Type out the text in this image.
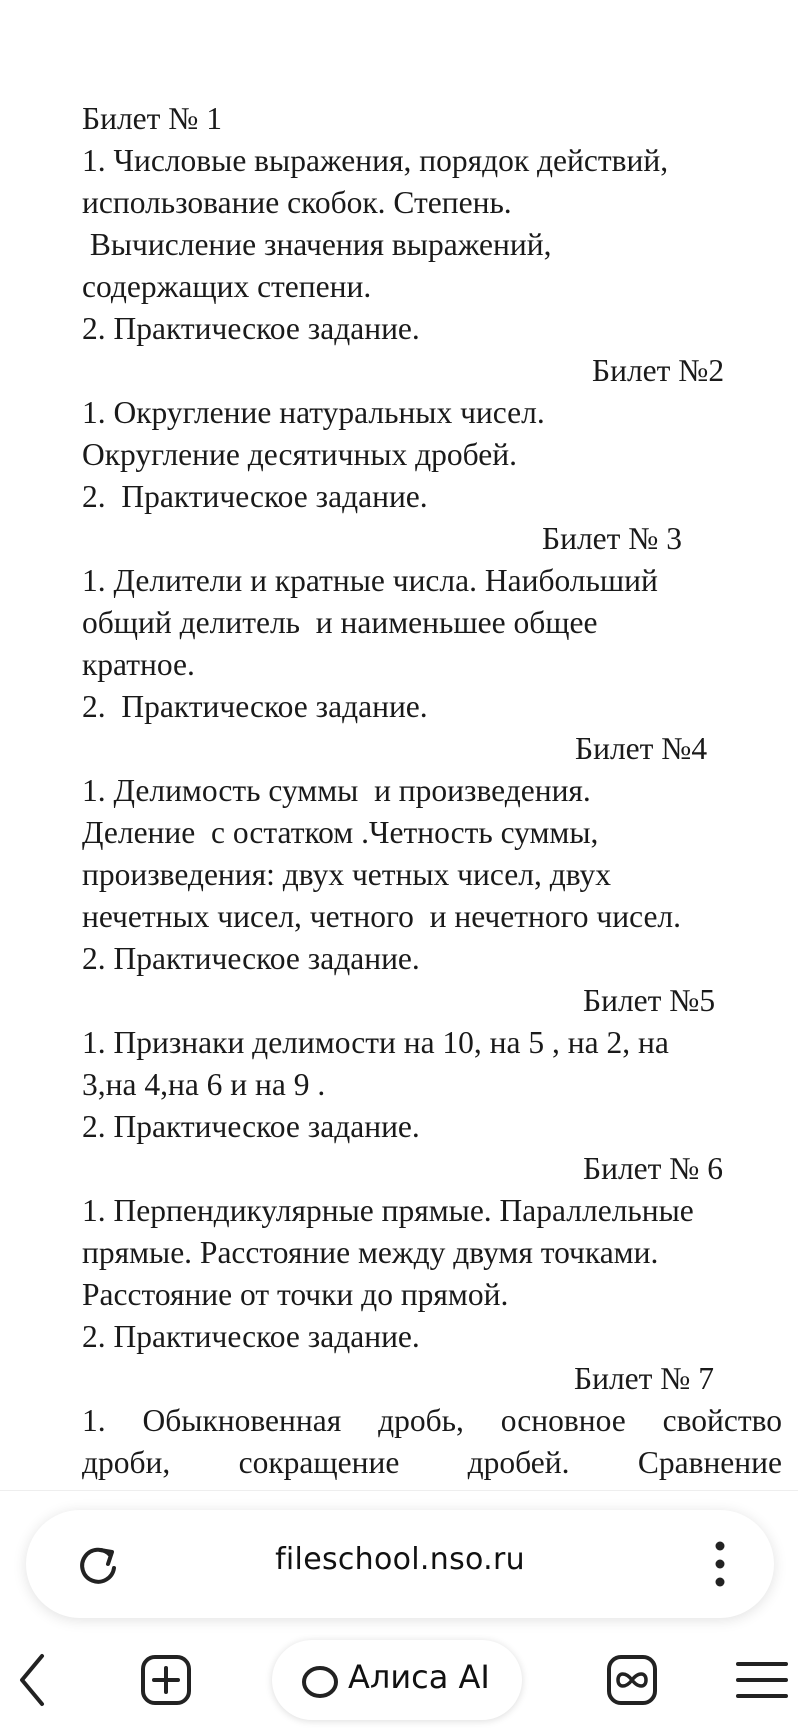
Билет № 1

1. Числовые выражения, порядок действий,

использование скобок. Степень.

Вычисление значения выражений,

содержащих степени.

2. Практическое задание.

Билет №2

1. Округление натуральных чисел.

Округление десятичных дробей.

2.  Практическое задание.

Билет № 3

1. Делители и кратные числа. Наибольший

общий делитель  и наименьшее общее

кратное.

2.  Практическое задание.

Билет №4

1. Делимость суммы  и произведения.

Деление  с остатком .Четность суммы,

произведения: двух четных чисел, двух

нечетных чисел, четного  и нечетного чисел.

2. Практическое задание.

Билет №5

1. Признаки делимости на 10, на 5 , на 2, на

3,на 4,на 6 и на 9 .

2. Практическое задание.

Билет № 6

1. Перпендикулярные прямые. Параллельные

прямые. Расстояние между двумя точками.

Расстояние от точки до прямой.

2. Практическое задание.

Билет № 7

1. Обыкновенная дробь, основное свойство

дроби, сокращение дробей. Сравнение

fileschool.nso.ru
Алиса AI
